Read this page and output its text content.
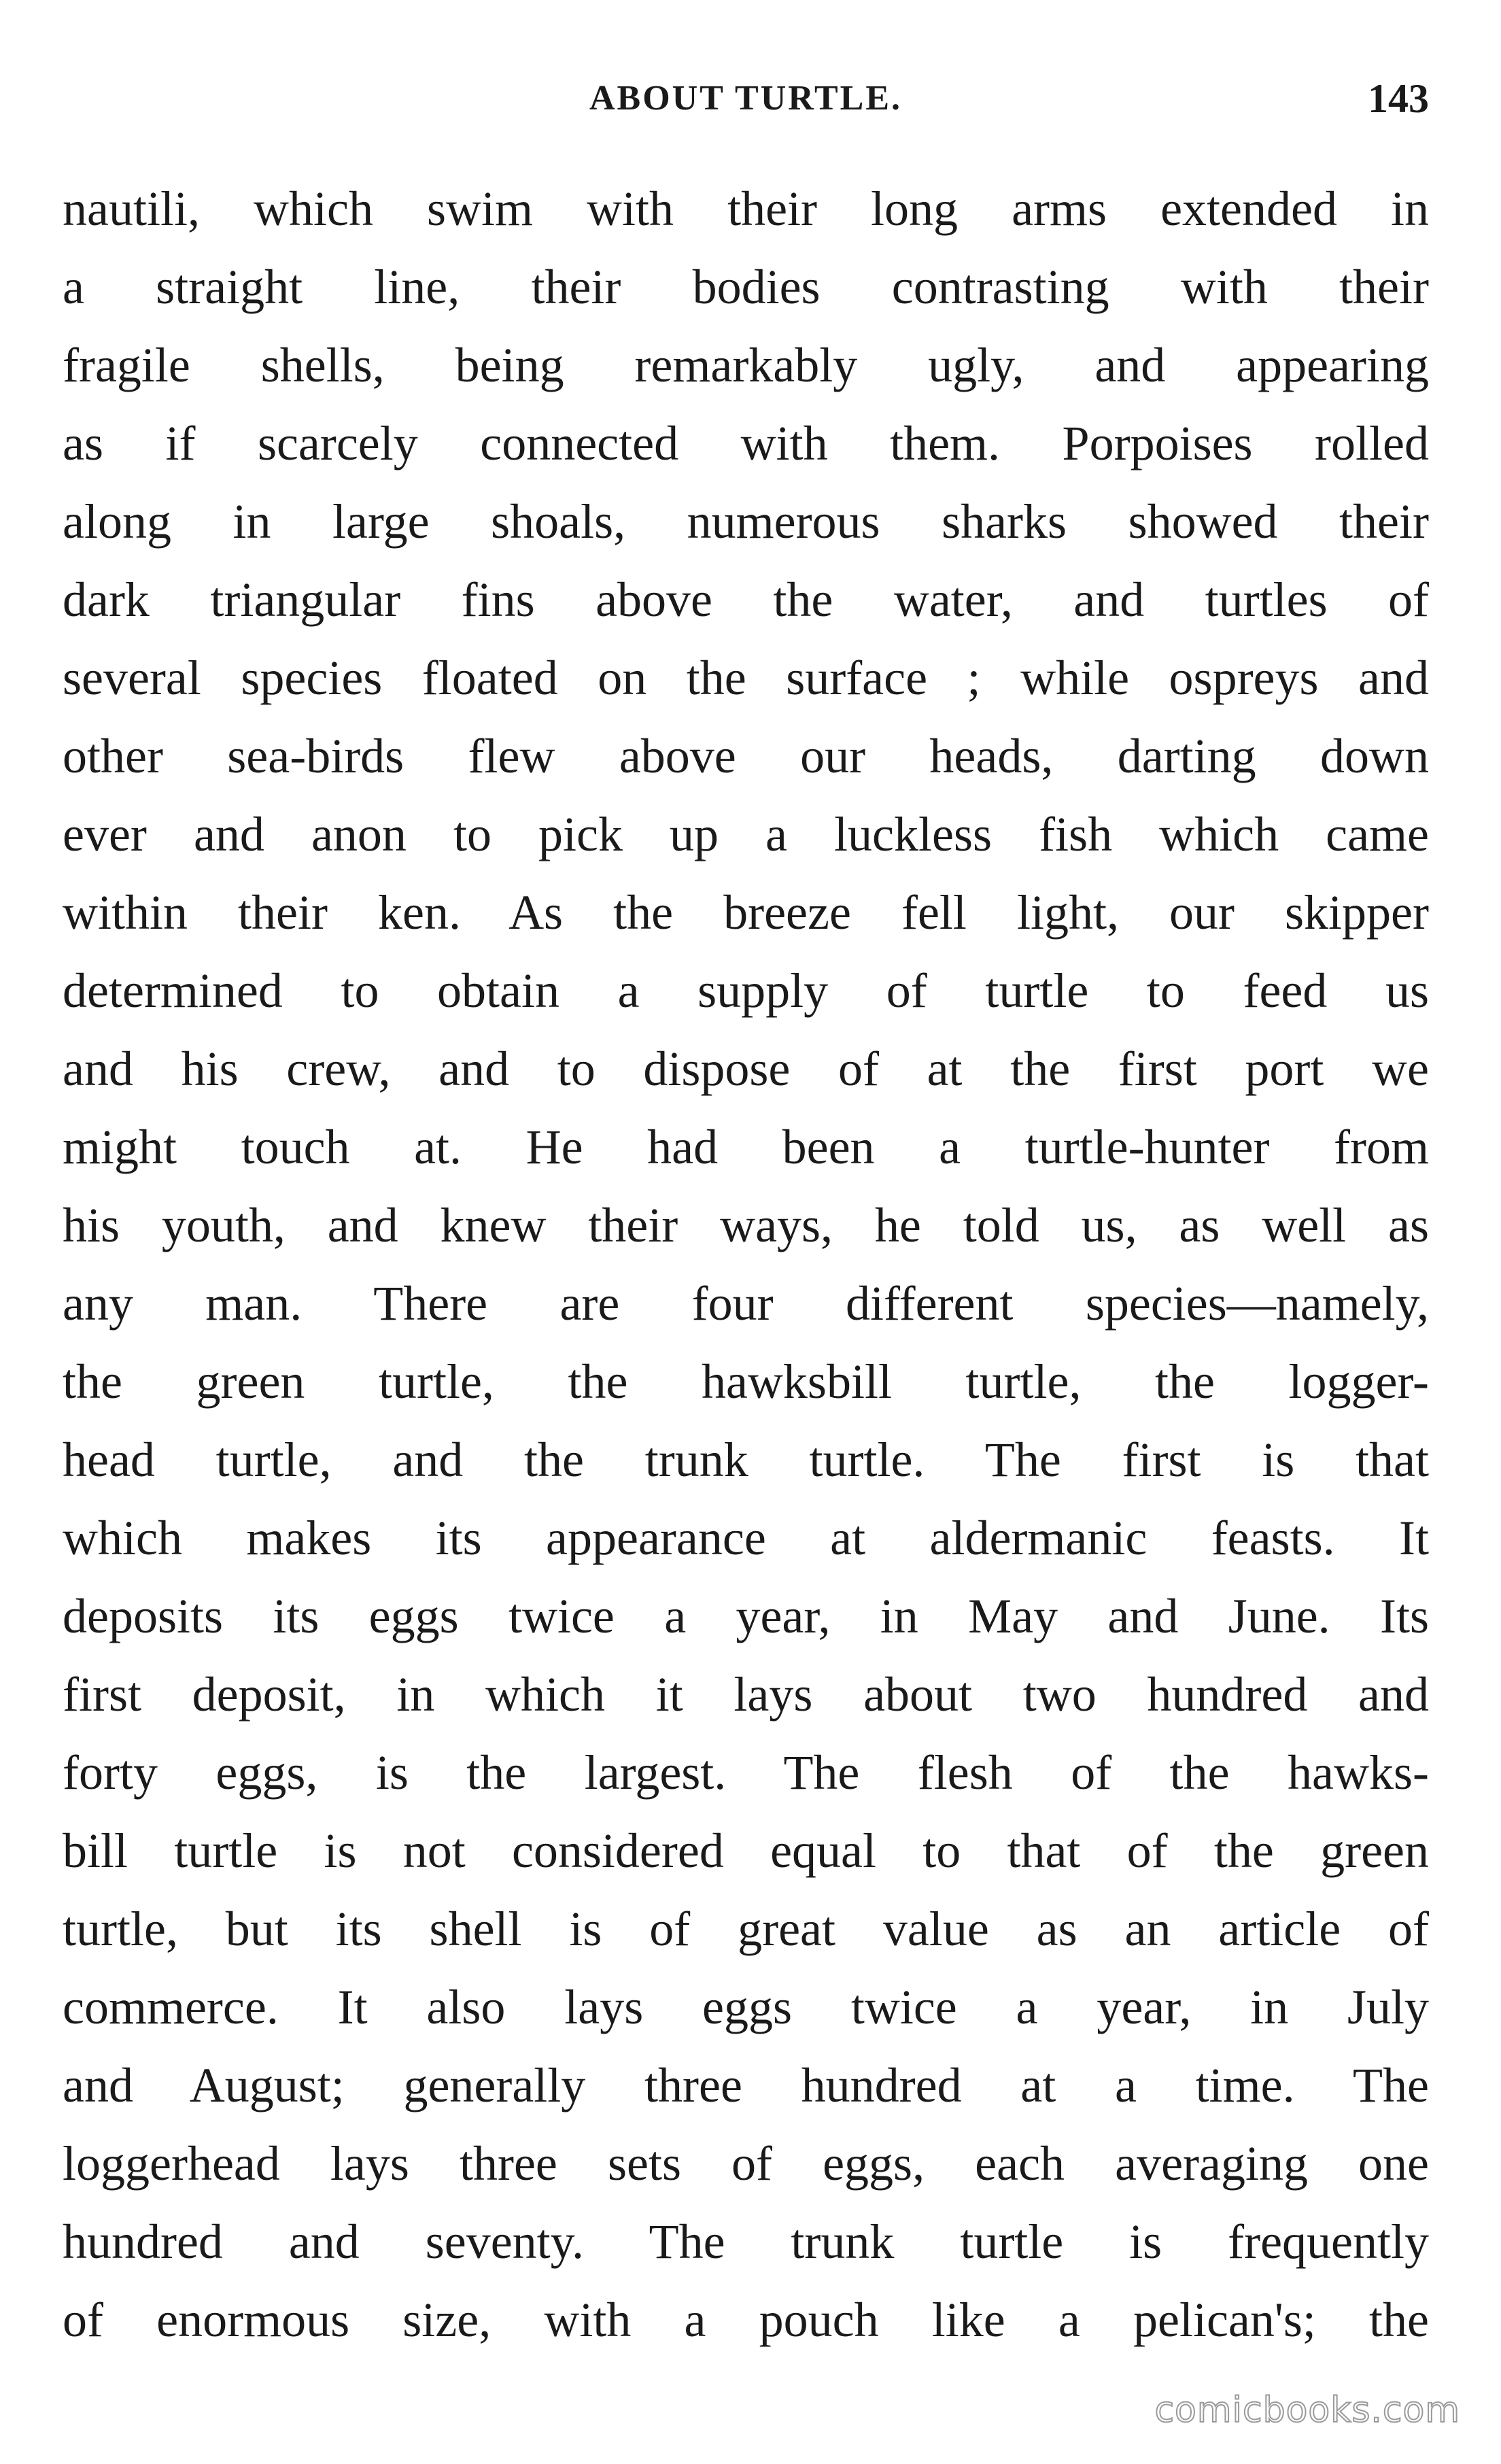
ABOUT TURTLE.	143
nautili, which swim with their long arms extended in
a straight line, their bodies contrasting with their
fragile shells, being remarkably ugly, and appearing
as if scarcely connected with them. Porpoises rolled
along in large shoals, numerous sharks showed their
dark triangular fins above the water, and turtles of
several species floated on the surface ; while ospreys and
other sea-birds flew above our heads, darting down
ever and anon to pick up a luckless fish which came
within their ken. As the breeze fell light, our skipper
determined to obtain a supply of turtle to feed us
and his crew, and to dispose of at the first port we
might touch at. He had been a turtle-hunter from
his youth, and knew their ways, he told us, as well as
any man. There are four different species—namely,
the green turtle, the hawksbill turtle, the logger-
head turtle, and the trunk turtle. The first is that
which makes its appearance at aldermanic feasts. It
deposits its eggs twice a year, in May and June. Its
first deposit, in which it lays about two hundred and
forty eggs, is the largest. The flesh of the hawks-
bill turtle is not considered equal to that of the green
turtle, but its shell is of great value as an article of
commerce. It also lays eggs twice a year, in July
and August; generally three hundred at a time. The
loggerhead lays three sets of eggs, each averaging one
hundred and seventy. The trunk turtle is frequently
of enormous size, with a pouch like a pelican's; the
comicbooks.com
